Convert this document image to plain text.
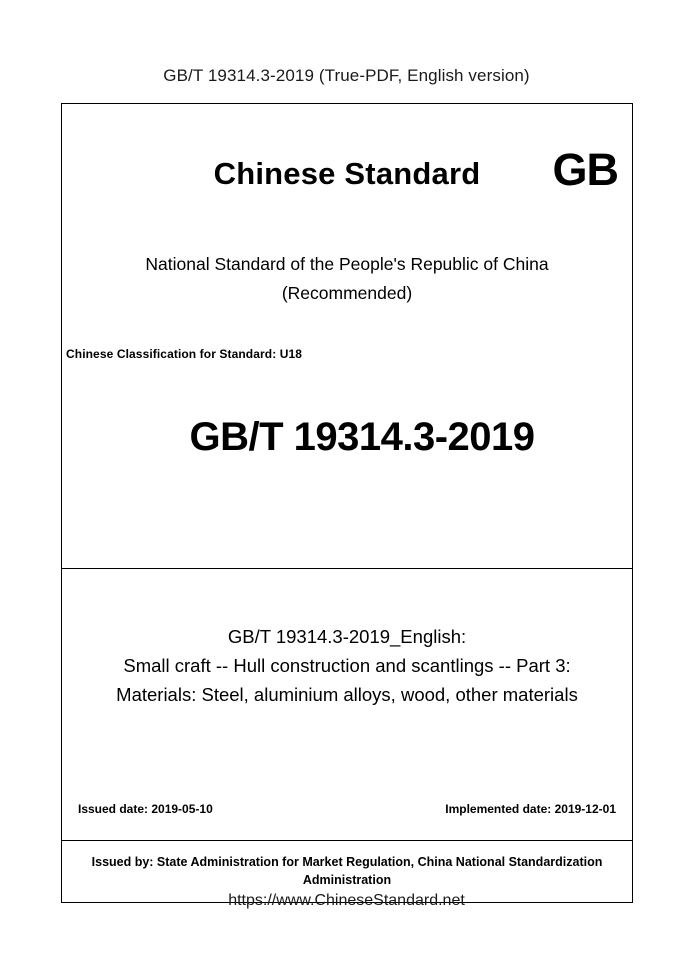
GB/T 19314.3-2019 (True-PDF, English version)
Chinese Standard	GB
National Standard of the People's Republic of China
(Recommended)
Chinese Classification for Standard: U18
GB/T 19314.3-2019
GB/T 19314.3-2019_English:
Small craft -- Hull construction and scantlings -- Part 3:
Materials: Steel, aluminium alloys, wood, other materials
Issued date: 2019-05-10	Implemented date: 2019-12-01
Issued by: State Administration for Market Regulation, China National Standardization Administration
https://www.ChineseStandard.net
